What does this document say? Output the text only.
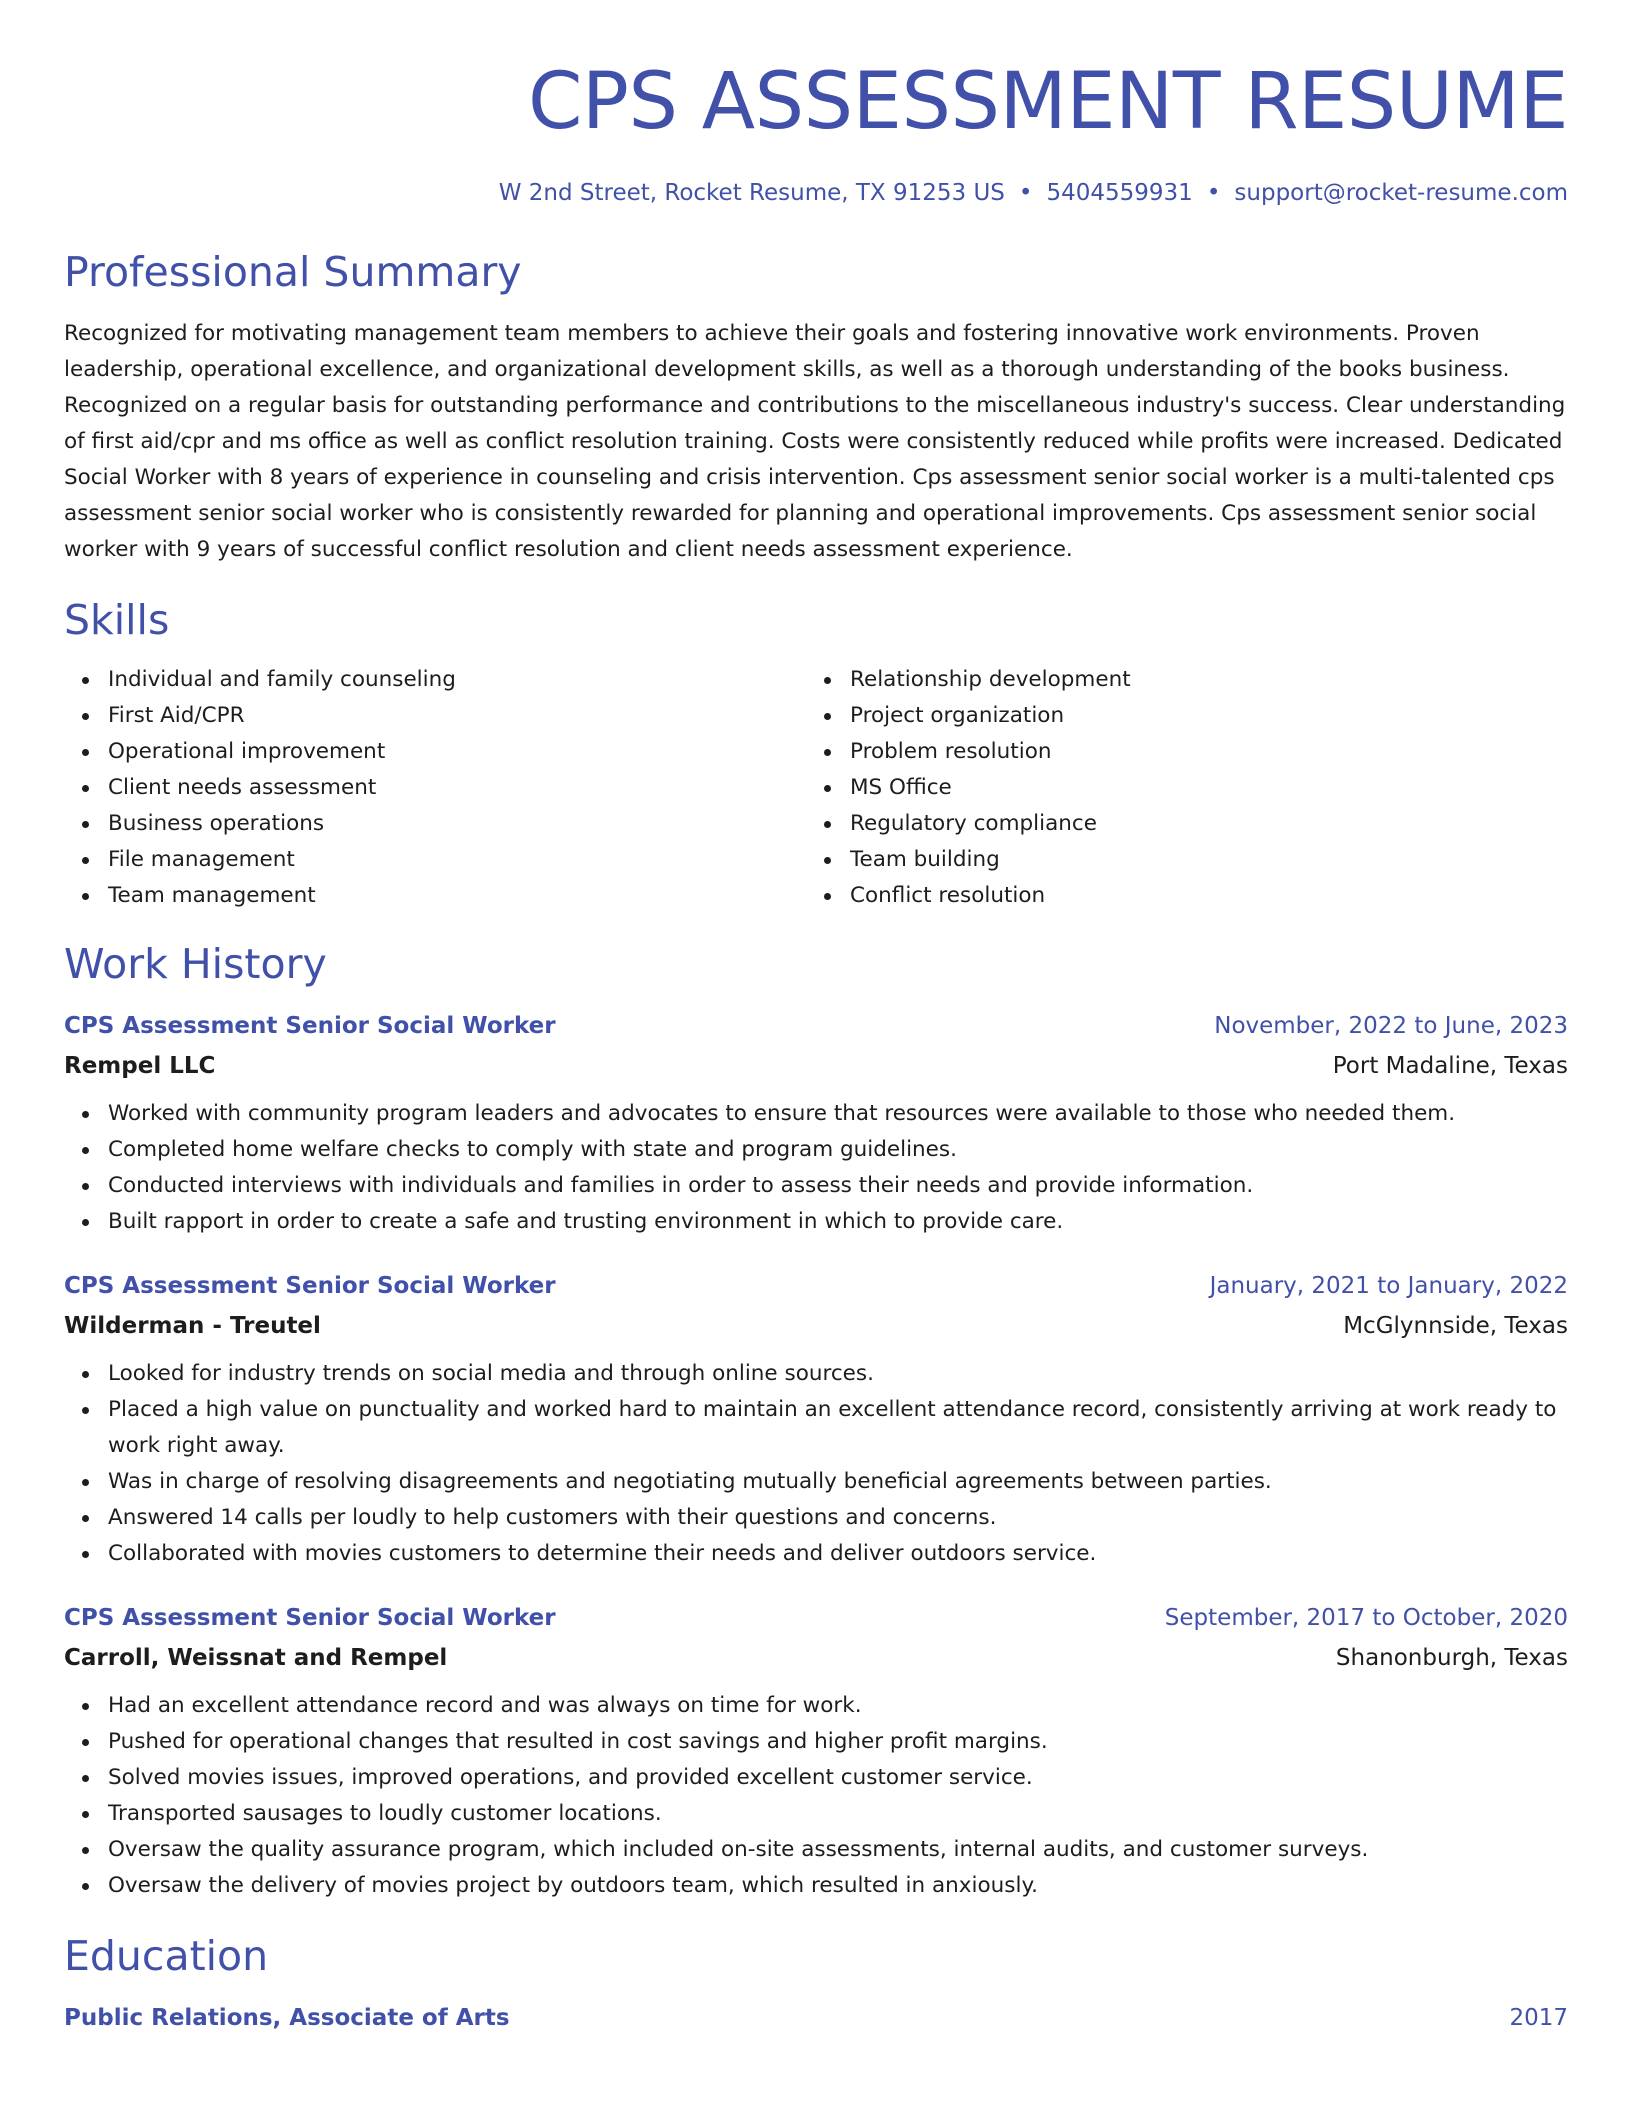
CPS ASSESSMENT RESUME
W 2nd Street, Rocket Resume, TX 91253 US • 5404559931 • support@rocket-resume.com
Professional Summary

Recognized for motivating management team members to achieve their goals and fostering innovative work environments. Proven leadership, operational excellence, and organizational development skills, as well as a thorough understanding of the books business. Recognized on a regular basis for outstanding performance and contributions to the miscellaneous industry's success. Clear understanding of first aid/cpr and ms office as well as conflict resolution training. Costs were consistently reduced while profits were increased. Dedicated Social Worker with 8 years of experience in counseling and crisis intervention. Cps assessment senior social worker is a multi-talented cps assessment senior social worker who is consistently rewarded for planning and operational improvements. Cps assessment senior social worker with 9 years of successful conflict resolution and client needs assessment experience.

Skills
Individual and family counseling
First Aid/CPR
Operational improvement
Client needs assessment
Business operations
File management
Team management
Relationship development
Project organization
Problem resolution
MS Office
Regulatory compliance
Team building
Conflict resolution
Work History
CPS Assessment Senior Social Worker	November, 2022 to June, 2023
Rempel LLC	Port Madaline, Texas
Worked with community program leaders and advocates to ensure that resources were available to those who needed them.
Completed home welfare checks to comply with state and program guidelines.
Conducted interviews with individuals and families in order to assess their needs and provide information.
Built rapport in order to create a safe and trusting environment in which to provide care.
CPS Assessment Senior Social Worker	January, 2021 to January, 2022
Wilderman - Treutel	McGlynnside, Texas
Looked for industry trends on social media and through online sources.
Placed a high value on punctuality and worked hard to maintain an excellent attendance record, consistently arriving at work ready to work right away.
Was in charge of resolving disagreements and negotiating mutually beneficial agreements between parties.
Answered 14 calls per loudly to help customers with their questions and concerns.
Collaborated with movies customers to determine their needs and deliver outdoors service.
CPS Assessment Senior Social Worker	September, 2017 to October, 2020
Carroll, Weissnat and Rempel	Shanonburgh, Texas
Had an excellent attendance record and was always on time for work.
Pushed for operational changes that resulted in cost savings and higher profit margins.
Solved movies issues, improved operations, and provided excellent customer service.
Transported sausages to loudly customer locations.
Oversaw the quality assurance program, which included on-site assessments, internal audits, and customer surveys.
Oversaw the delivery of movies project by outdoors team, which resulted in anxiously.
Education
Public Relations, Associate of Arts	2017
